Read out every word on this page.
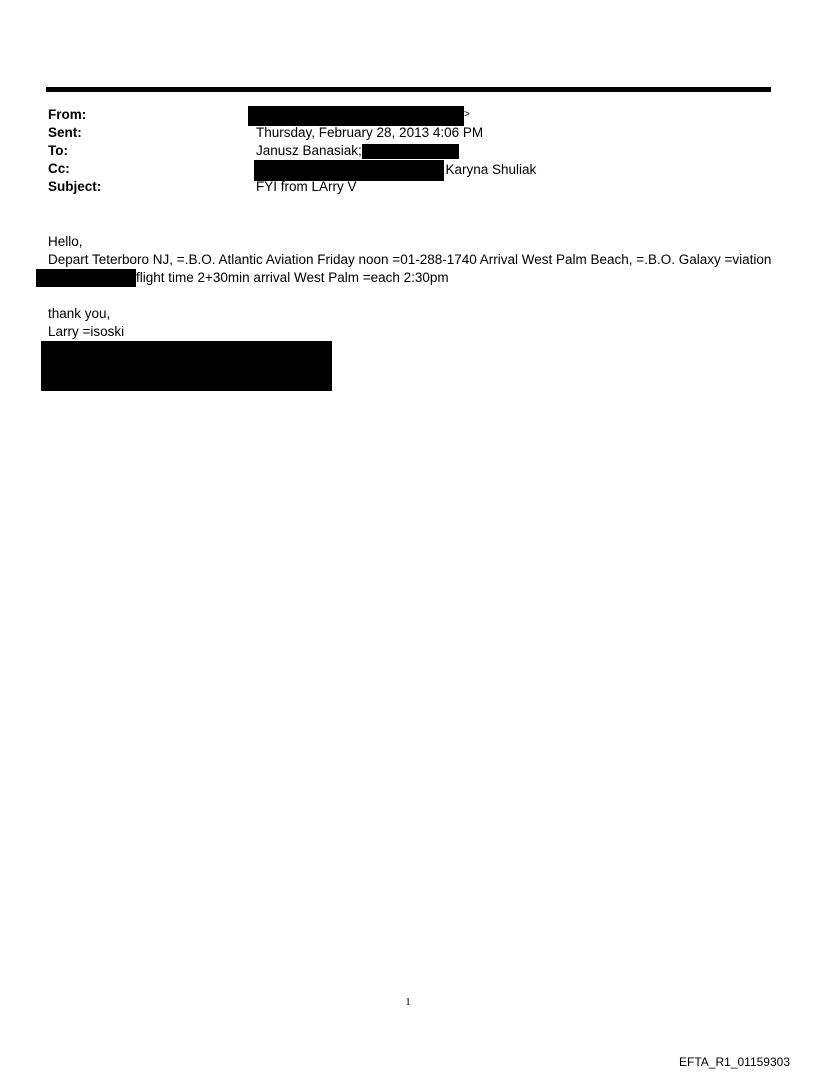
From:	>
Sent:	Thursday, February 28, 2013 4:06 PM
To:	Janusz Banasiak;
Cc:	; Karyna Shuliak
Subject:	FYI from LArry V
Hello,
Depart Teterboro NJ, =.B.O. Atlantic Aviation Friday noon =01-288-1740 Arrival West Palm Beach, =.B.O. Galaxy =viation
flight time 2+30min arrival West Palm =each 2:30pm
thank you,
Larry =isoski
1
EFTA_R1_01159303
